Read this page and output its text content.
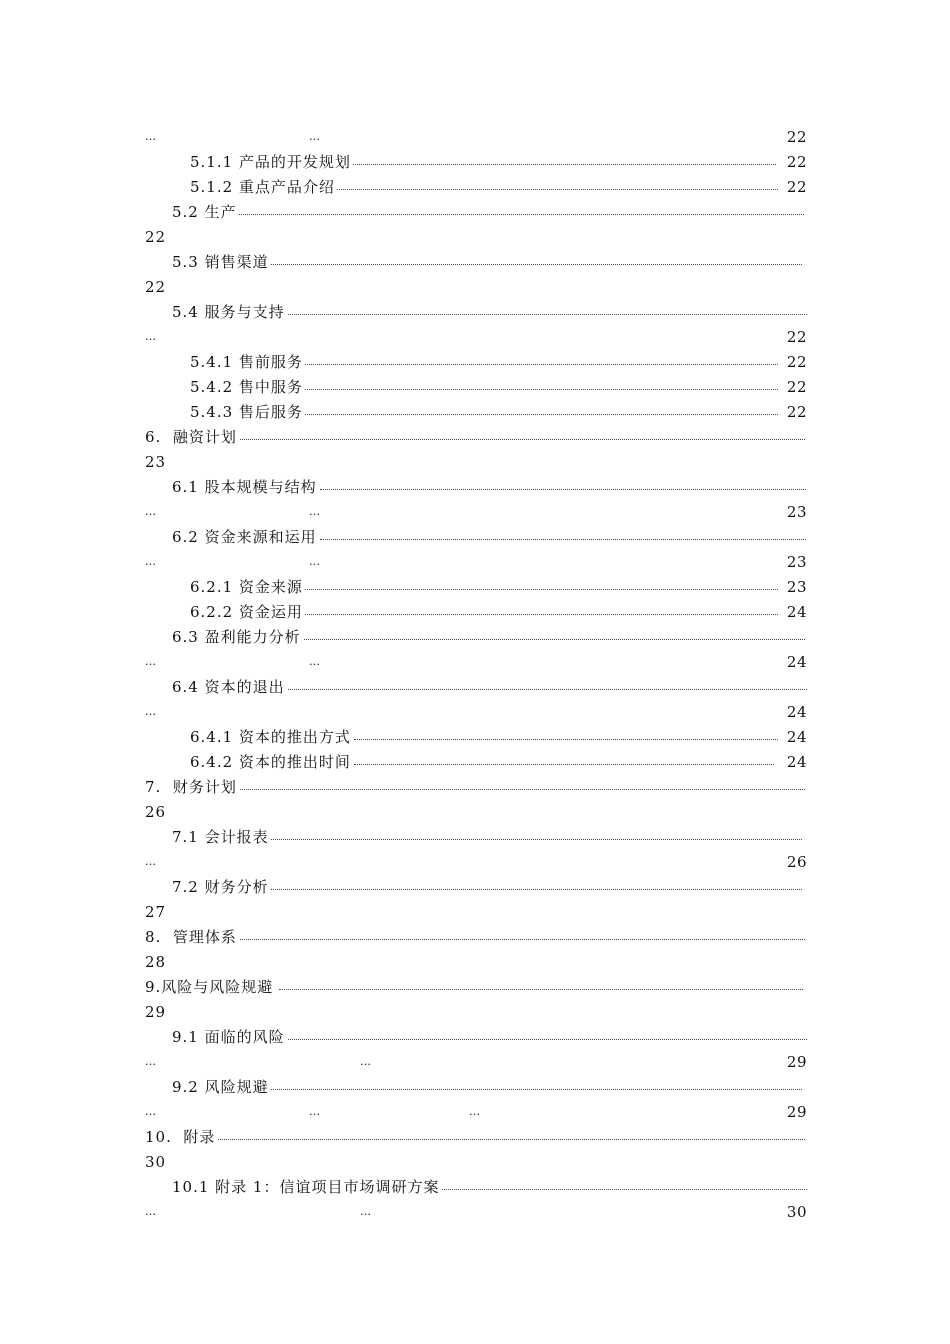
…	…	22
5.1.1 产品的开发规划	22
5.1.2 重点产品介绍	22
5.2 生产
22
5.3 销售渠道
22
5.4 服务与支持
…	22
5.4.1 售前服务	22
5.4.2 售中服务	22
5.4.3 售后服务	22
6.  融资计划
23
6.1 股本规模与结构
…	…	23
6.2 资金来源和运用
…	…	23
6.2.1 资金来源	23
6.2.2 资金运用	24
6.3 盈利能力分析
…	…	24
6.4 资本的退出
…	24
6.4.1 资本的推出方式	24
6.4.2 资本的推出时间	24
7.  财务计划
26
7.1 会计报表
…	26
7.2 财务分析
27
8.  管理体系
28
9.风险与风险规避
29
9.1 面临的风险
…	…	29
9.2 风险规避
…	…	…	29
10.  附录
30
10.1 附录 1：信谊项目市场调研方案
…	…	30
